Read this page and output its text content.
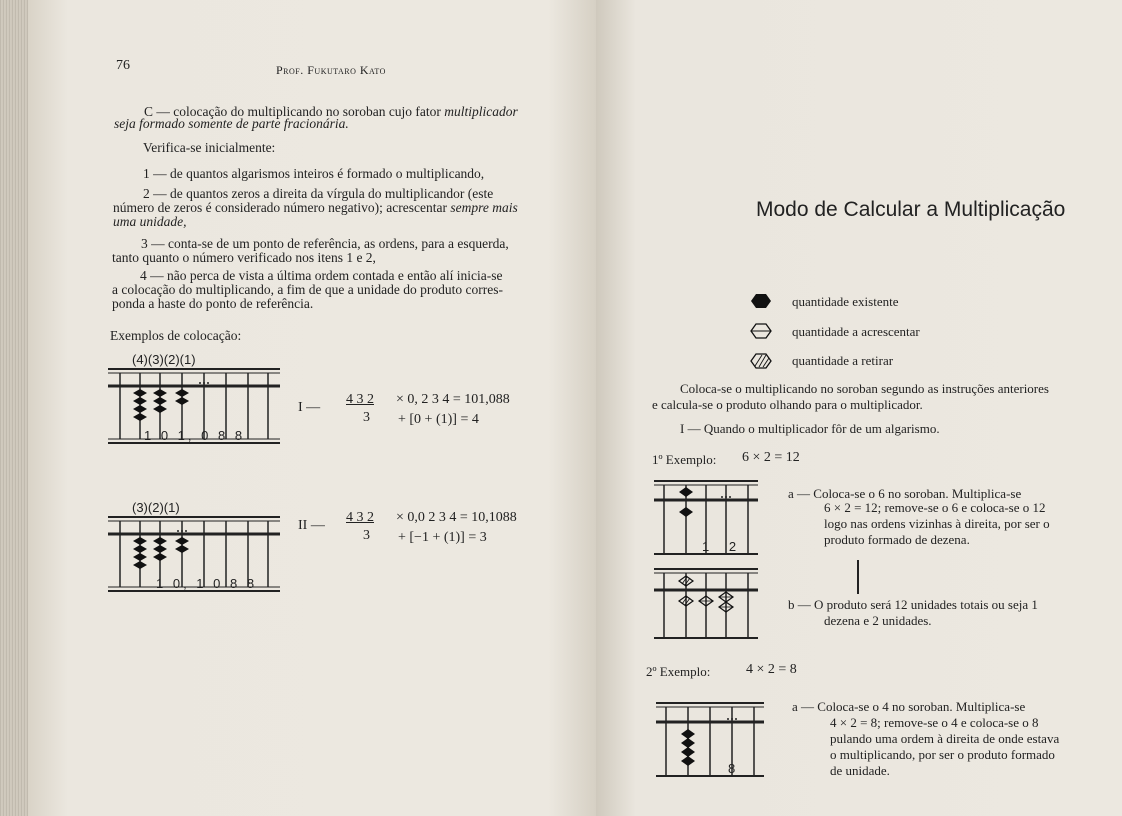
76	Prof. Fukutaro Kato
C — colocação do multiplicando no soroban cujo fator multiplicador
seja formado somente de parte fracionária.
Verifica-se inicialmente:
1 — de quantos algarismos inteiros é formado o multiplicando,
2 — de quantos zeros a direita da vírgula do multiplicandor (este
número de zeros é considerado número negativo); acrescentar sempre mais
uma unidade,
3 — conta-se de um ponto de referência, as ordens, para a esquerda,
tanto quanto o número verificado nos itens 1 e 2,
4 — não perca de vista a última ordem contada e então alí inicia-se
a colocação do multiplicando, a fim de que a unidade do produto corres-
ponda a haste do ponto de referência.
Exemplos de colocação:
(4)(3)(2)(1)
1 0 1, 0 8 8
I —
4 3 2 × 0, 2 3 4 = 101,088
3 + [0 + (1)] = 4
(3)(2)(1)
1 0, 1 0 8 8
II —
4 3 2 × 0,0 2 3 4 = 10,1088
3 + [−1 + (1)] = 3
Modo de Calcular a Multiplicação
quantidade existente
quantidade a acrescentar
quantidade a retirar
Coloca-se o multiplicando no soroban segundo as instruções anteriores
e calcula-se o produto olhando para o multiplicador.
I — Quando o multiplicador fôr de um algarismo.
1º Exemplo: 6 × 2 = 12
1 2
a — Coloca-se o 6 no soroban. Multiplica-se
6 × 2 = 12; remove-se o 6 e coloca-se o 12
logo nas ordens vizinhas à direita, por ser o
produto formado de dezena.
b — O produto será 12 unidades totais ou seja 1
dezena e 2 unidades.
2º Exemplo:	4 × 2 = 8
8
a — Coloca-se o 4 no soroban. Multiplica-se
4 × 2 = 8; remove-se o 4 e coloca-se o 8
pulando uma ordem à direita de onde estava
o multiplicando, por ser o produto formado
de unidade.
